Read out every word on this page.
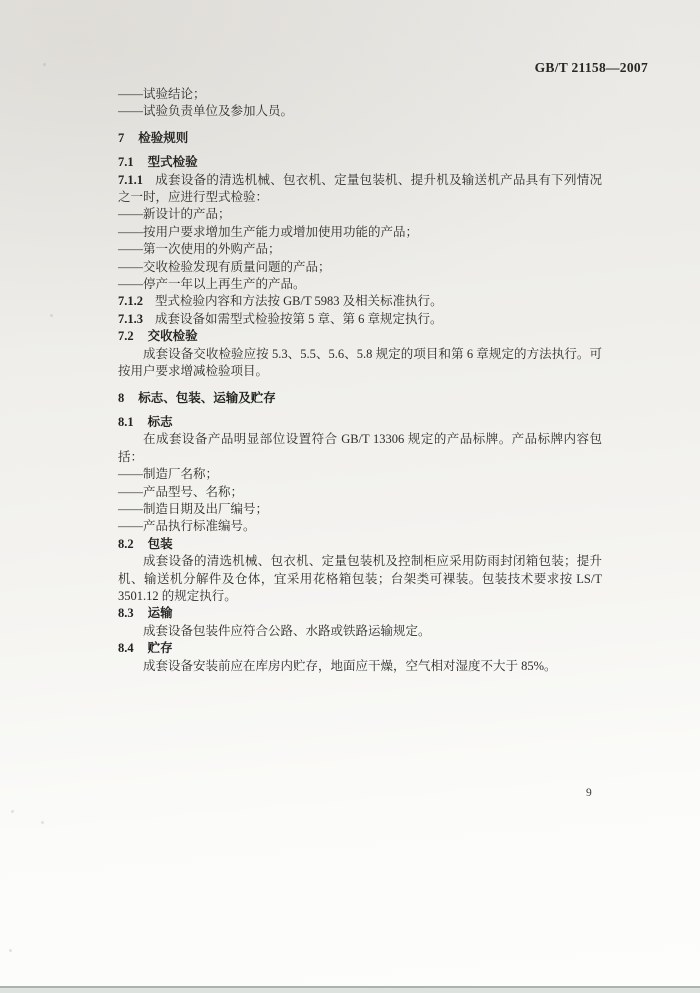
GB/T 21158—2007

——试验结论；

——试验负责单位及参加人员。

7 检验规则
7.1 型式检验

7.1.1 成套设备的清选机械、包衣机、定量包装机、提升机及输送机产品具有下列情况之一时，应进行型式检验：

——新设计的产品；

——按用户要求增加生产能力或增加使用功能的产品；

——第一次使用的外购产品；

——交收检验发现有质量问题的产品；

——停产一年以上再生产的产品。

7.1.2 型式检验内容和方法按 GB/T 5983 及相关标准执行。

7.1.3 成套设备如需型式检验按第 5 章、第 6 章规定执行。

7.2 交收检验

成套设备交收检验应按 5.3、5.5、5.6、5.8 规定的项目和第 6 章规定的方法执行。可按用户要求增减检验项目。

8 标志、包装、运输及贮存
8.1 标志

在成套设备产品明显部位设置符合 GB/T 13306 规定的产品标牌。产品标牌内容包括：

——制造厂名称；

——产品型号、名称；

——制造日期及出厂编号；

——产品执行标准编号。

8.2 包装

成套设备的清选机械、包衣机、定量包装机及控制柜应采用防雨封闭箱包装；提升机、输送机分解件及仓体，宜采用花格箱包装；台架类可裸装。包装技术要求按 LS/T 3501.12 的规定执行。

8.3 运输

成套设备包装件应符合公路、水路或铁路运输规定。

8.4 贮存

成套设备安装前应在库房内贮存，地面应干燥，空气相对湿度不大于 85%。

9
